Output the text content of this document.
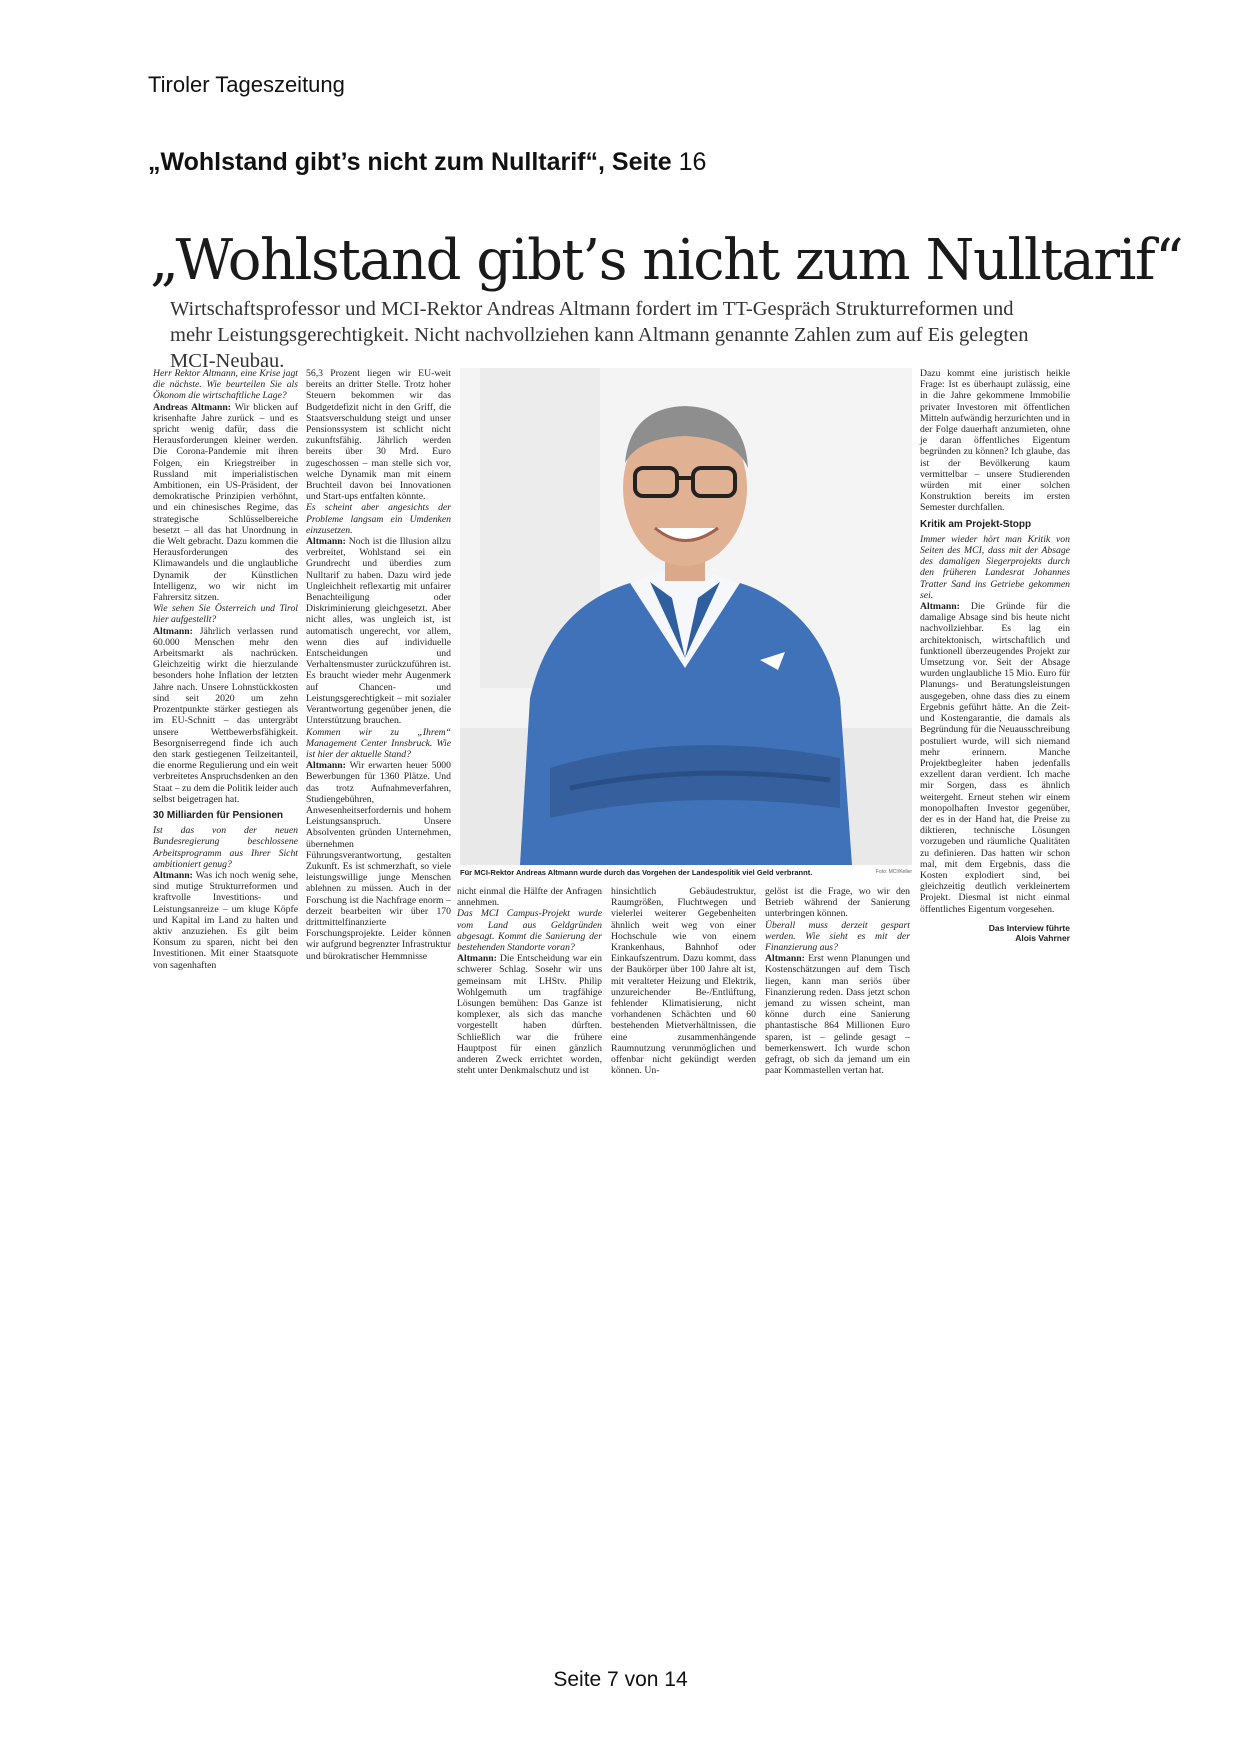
Tiroler Tageszeitung
„Wohlstand gibt’s nicht zum Nulltarif“, Seite 16
„Wohlstand gibt’s nicht zum Nulltarif“
Wirtschaftsprofessor und MCI-Rektor Andreas Altmann fordert im TT-Gespräch Strukturreformen und mehr Leistungsgerechtigkeit. Nicht nachvollziehen kann Altmann genannte Zahlen zum auf Eis gelegten MCI-Neubau.

Herr Rektor Altmann, eine Krise jagt die nächste. Wie beurteilen Sie als Ökonom die wirtschaftliche Lage?

Andreas Altmann: Wir blicken auf krisenhafte Jahre zurück – und es spricht wenig dafür, dass die Herausforderungen kleiner werden. Die Corona-Pandemie mit ihren Folgen, ein Kriegstreiber in Russland mit imperialistischen Ambitionen, ein US-Präsident, der demokratische Prinzipien verhöhnt, und ein chinesisches Regime, das strategische Schlüsselbereiche besetzt – all das hat Unordnung in die Welt gebracht. Dazu kommen die Herausforderungen des Klimawandels und die unglaubliche Dynamik der Künstlichen Intelligenz, wo wir nicht im Fahrersitz sitzen.

Wie sehen Sie Österreich und Tirol hier aufgestellt?

Altmann: Jährlich verlassen rund 60.000 Menschen mehr den Arbeitsmarkt als nachrücken. Gleichzeitig wirkt die hierzulande besonders hohe Inflation der letzten Jahre nach. Unsere Lohnstückkosten sind seit 2020 um zehn Prozentpunkte stärker gestiegen als im EU-Schnitt – das untergräbt unsere Wettbewerbsfähigkeit. Besorgniserregend finde ich auch den stark gestiegenen Teilzeitanteil, die enorme Regulierung und ein weit verbreitetes Anspruchsdenken an den Staat – zu dem die Politik leider auch selbst beigetragen hat.

30 Milliarden für Pensionen

Ist das von der neuen Bundesregierung beschlossene Arbeitsprogramm aus Ihrer Sicht ambitioniert genug?

Altmann: Was ich noch wenig sehe, sind mutige Strukturreformen und kraftvolle Investitions- und Leistungsanreize – um kluge Köpfe und Kapital im Land zu halten und aktiv anzuziehen. Es gilt beim Konsum zu sparen, nicht bei den Investitionen. Mit einer Staatsquote von sagenhaften

56,3 Prozent liegen wir EU-weit bereits an dritter Stelle. Trotz hoher Steuern bekommen wir das Budgetdefizit nicht in den Griff, die Staatsverschuldung steigt und unser Pensionssystem ist schlicht nicht zukunftsfähig. Jährlich werden bereits über 30 Mrd. Euro zugeschossen – man stelle sich vor, welche Dynamik man mit einem Bruchteil davon bei Innovationen und Start-ups entfalten könnte.

Es scheint aber angesichts der Probleme langsam ein Umdenken einzusetzen.

Altmann: Noch ist die Illusion allzu verbreitet, Wohlstand sei ein Grundrecht und überdies zum Nulltarif zu haben. Dazu wird jede Ungleichheit reflexartig mit unfairer Benachteiligung oder Diskriminierung gleichgesetzt. Aber nicht alles, was ungleich ist, ist automatisch ungerecht, vor allem, wenn dies auf individuelle Entscheidungen und Verhaltensmuster zurückzuführen ist. Es braucht wieder mehr Augenmerk auf Chancen- und Leistungsgerechtigkeit – mit sozialer Verantwortung gegenüber jenen, die Unterstützung brauchen.

Kommen wir zu „Ihrem“ Management Center Innsbruck. Wie ist hier der aktuelle Stand?

Altmann: Wir erwarten heuer 5000 Bewerbungen für 1360 Plätze. Und das trotz Aufnahmeverfahren, Studiengebühren, Anwesenheitserfordernis und hohem Leistungsanspruch. Unsere Absolventen gründen Unternehmen, übernehmen Führungsverantwortung, gestalten Zukunft. Es ist schmerzhaft, so viele leistungswillige junge Menschen ablehnen zu müssen. Auch in der Forschung ist die Nachfrage enorm – derzeit bearbeiten wir über 170 drittmittelfinanzierte Forschungsprojekte. Leider können wir aufgrund begrenzter Infrastruktur und bürokratischer Hemmnisse

Für MCI-Rektor Andreas Altmann wurde durch das Vorgehen der Landespolitik viel Geld verbrannt.	Foto: MCI/Keller

nicht einmal die Hälfte der Anfragen annehmen.

Das MCI Campus-Projekt wurde vom Land aus Geldgründen abgesagt. Kommt die Sanierung der bestehenden Standorte voran?

Altmann: Die Entscheidung war ein schwerer Schlag. Sosehr wir uns gemeinsam mit LHStv. Philip Wohlgemuth um tragfähige Lösungen bemühen: Das Ganze ist komplexer, als sich das manche vorgestellt haben dürften. Schließlich war die frühere Hauptpost für einen gänzlich anderen Zweck errichtet worden, steht unter Denkmalschutz und ist

hinsichtlich Gebäudestruktur, Raumgrößen, Fluchtwegen und vielerlei weiterer Gegebenheiten ähnlich weit weg von einer Hochschule wie von einem Krankenhaus, Bahnhof oder Einkaufszentrum. Dazu kommt, dass der Baukörper über 100 Jahre alt ist, mit veralteter Heizung und Elektrik, unzureichender Be-/Entlüftung, fehlender Klimatisierung, nicht vorhandenen Schächten und 60 bestehenden Mietverhältnissen, die eine zusammenhängende Raumnutzung verunmöglichen und offenbar nicht gekündigt werden können. Un-

gelöst ist die Frage, wo wir den Betrieb während der Sanierung unterbringen können.

Überall muss derzeit gespart werden. Wie sieht es mit der Finanzierung aus?

Altmann: Erst wenn Planungen und Kostenschätzungen auf dem Tisch liegen, kann man seriös über Finanzierung reden. Dass jetzt schon jemand zu wissen scheint, man könne durch eine Sanierung phantastische 864 Millionen Euro sparen, ist – gelinde gesagt – bemerkenswert. Ich wurde schon gefragt, ob sich da jemand um ein paar Kommastellen vertan hat.

Dazu kommt eine juristisch heikle Frage: Ist es überhaupt zulässig, eine in die Jahre gekommene Immobilie privater Investoren mit öffentlichen Mitteln aufwändig herzurichten und in der Folge dauerhaft anzumieten, ohne je daran öffentliches Eigentum begründen zu können? Ich glaube, das ist der Bevölkerung kaum vermittelbar – unsere Studierenden würden mit einer solchen Konstruktion bereits im ersten Semester durchfallen.

Kritik am Projekt-Stopp

Immer wieder hört man Kritik von Seiten des MCI, dass mit der Absage des damaligen Siegerprojekts durch den früheren Landesrat Johannes Tratter Sand ins Getriebe gekommen sei.

Altmann: Die Gründe für die damalige Absage sind bis heute nicht nachvollziehbar. Es lag ein architektonisch, wirtschaftlich und funktionell überzeugendes Projekt zur Umsetzung vor. Seit der Absage wurden unglaubliche 15 Mio. Euro für Planungs- und Beratungsleistungen ausgegeben, ohne dass dies zu einem Ergebnis geführt hätte. An die Zeit- und Kostengarantie, die damals als Begründung für die Neuausschreibung postuliert wurde, will sich niemand mehr erinnern. Manche Projektbegleiter haben jedenfalls exzellent daran verdient. Ich mache mir Sorgen, dass es ähnlich weitergeht. Erneut stehen wir einem monopolhaften Investor gegenüber, der es in der Hand hat, die Preise zu diktieren, technische Lösungen vorzugeben und räumliche Qualitäten zu definieren. Das hatten wir schon mal, mit dem Ergebnis, dass die Kosten explodiert sind, bei gleichzeitig deutlich verkleinertem Projekt. Diesmal ist nicht einmal öffentliches Eigentum vorgesehen.

Das Interview führte
Alois Vahrner
Seite 7 von 14
